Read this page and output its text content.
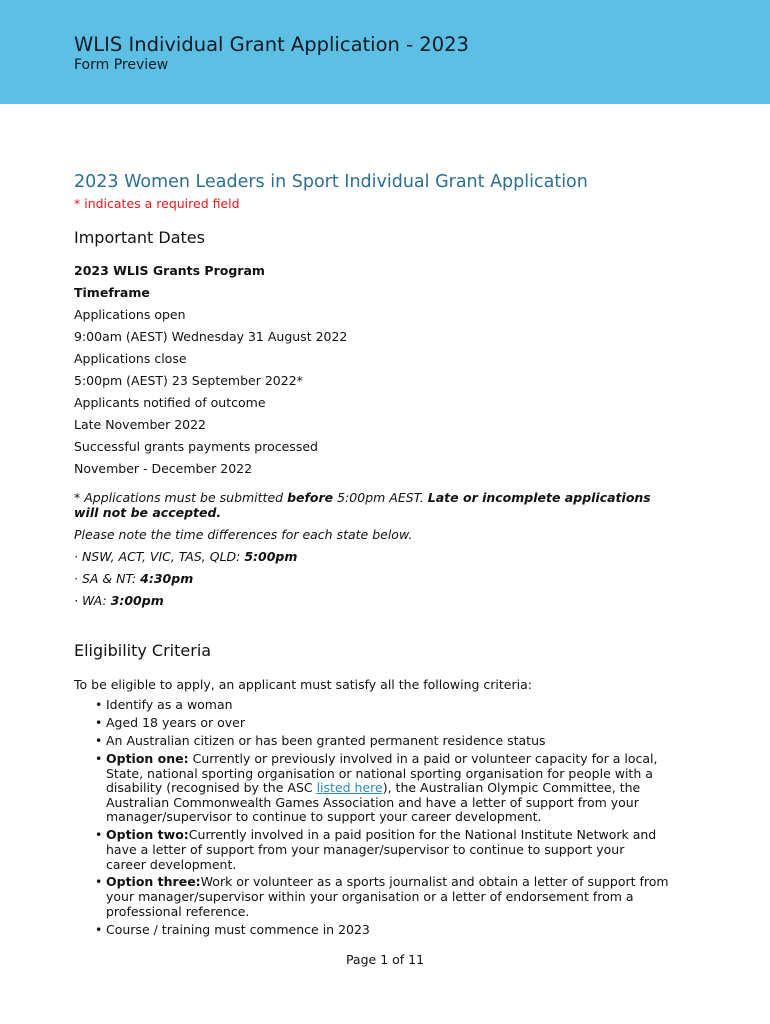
WLIS Individual Grant Application - 2023
Form Preview
2023 Women Leaders in Sport Individual Grant Application
* indicates a required field
Important Dates
2023 WLIS Grants Program
Timeframe
Applications open
9:00am (AEST) Wednesday 31 August 2022
Applications close
5:00pm (AEST) 23 September 2022*
Applicants notified of outcome
Late November 2022
Successful grants payments processed
November - December 2022
* Applications must be submitted before 5:00pm AEST. Late or incomplete applications
will not be accepted.
Please note the time differences for each state below.
· NSW, ACT, VIC, TAS, QLD: 5:00pm
· SA & NT: 4:30pm
· WA: 3:00pm
Eligibility Criteria
To be eligible to apply, an applicant must satisfy all the following criteria:
• Identify as a woman
• Aged 18 years or over
• An Australian citizen or has been granted permanent residence status
• Option one: Currently or previously involved in a paid or volunteer capacity for a local, State, national sporting organisation or national sporting organisation for people with a disability (recognised by the ASC listed here), the Australian Olympic Committee, the Australian Commonwealth Games Association and have a letter of support from your manager/supervisor to continue to support your career development.
• Option two:Currently involved in a paid position for the National Institute Network and have a letter of support from your manager/supervisor to continue to support your career development.
• Option three:Work or volunteer as a sports journalist and obtain a letter of support from your manager/supervisor within your organisation or a letter of endorsement from a professional reference.
• Course / training must commence in 2023
Page 1 of 11
